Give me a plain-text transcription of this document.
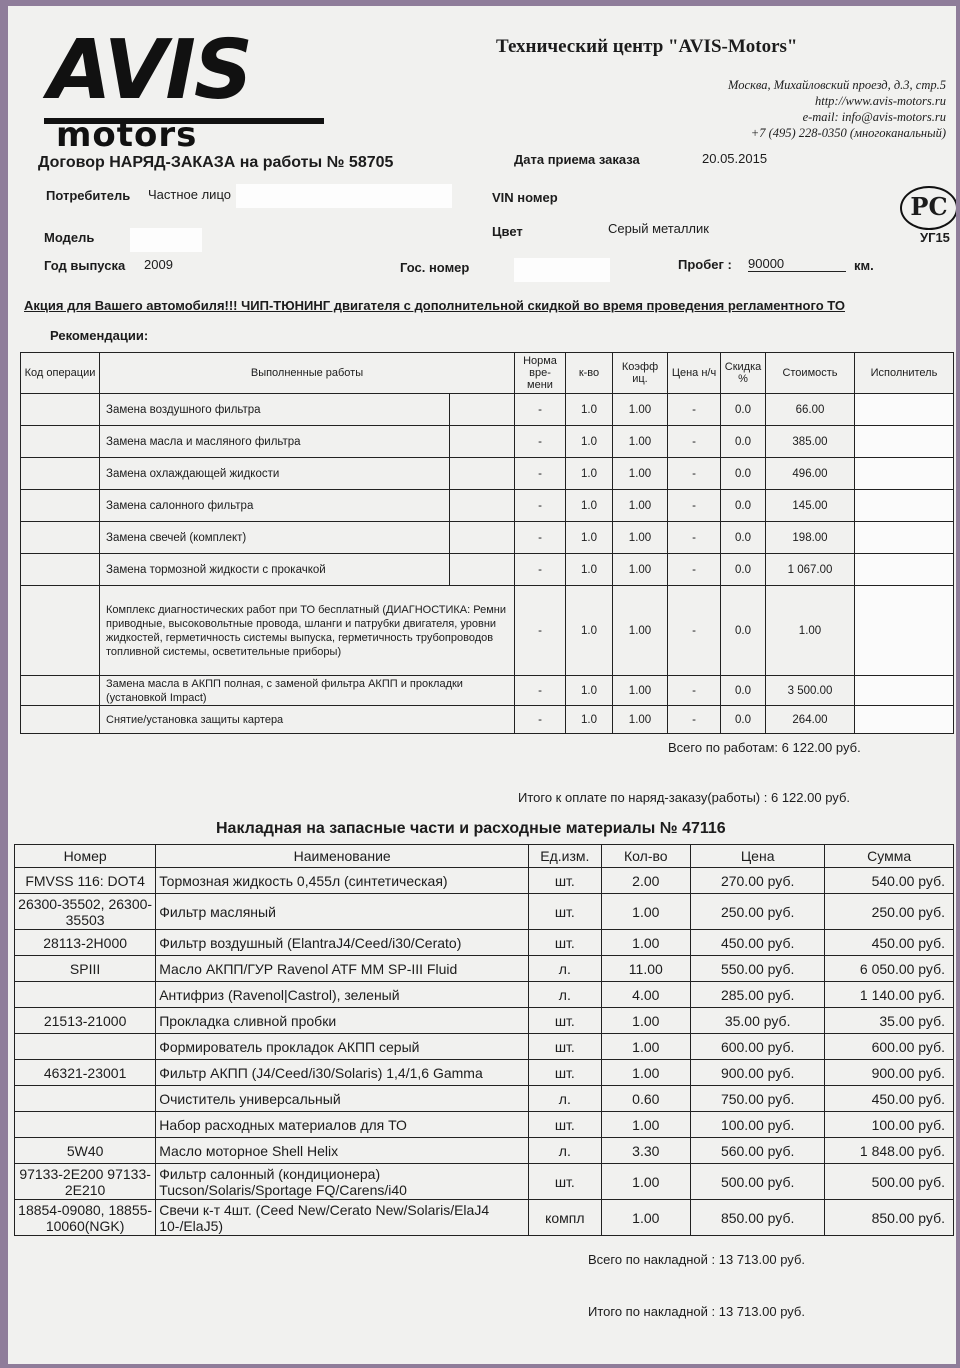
AVIS
motors
Технический центр "AVIS-Motors"
Москва, Михайловский проезд, д.3, стр.5
http://www.avis-motors.ru
e-mail: info@avis-motors.ru
+7 (495) 228-0350 (многоканальный)
РС
УГ15
Договор НАРЯД-ЗАКАЗА на работы № 58705	Дата приема заказа	20.05.2015
Потребитель Частное лицо	VIN номер
Модель	Цвет	Серый металлик
Год выпуска 2009	Гос. номер	Пробег : 90000	км.
Акция для Вашего автомобиля!!! ЧИП-ТЮНИНГ двигателя с дополнительной скидкой во время проведения регламентного ТО
Рекомендации:
Код операции	Выполненные работы		Норма вре-мени	к-во	Коэфф иц.	Цена н/ч	Скидка %	Стоимость	Исполнитель
	Замена воздушного фильтра		-	1.0	1.00	-	0.0	66.00	
	Замена масла и масляного фильтра		-	1.0	1.00	-	0.0	385.00	
	Замена охлаждающей жидкости		-	1.0	1.00	-	0.0	496.00	
	Замена салонного фильтра		-	1.0	1.00	-	0.0	145.00	
	Замена свечей (комплект)		-	1.0	1.00	-	0.0	198.00	
	Замена тормозной жидкости с прокачкой		-	1.0	1.00	-	0.0	1 067.00	
	Комплекс диагностических работ при ТО бесплатный (ДИАГНОСТИКА: Ремни приводные, высоковольтные провода, шланги и патрубки двигателя, уровни жидкостей, герметичность системы выпуска, герметичность трубопроводов топливной системы, осветительные приборы)		-	1.0	1.00	-	0.0	1.00	
	Замена масла в АКПП полная, с заменой фильтра АКПП и прокладки (установкой Impact)		-	1.0	1.00	-	0.0	3 500.00	
	Снятие/установка защиты картера		-	1.0	1.00	-	0.0	264.00	
Всего по работам: 6 122.00 руб.
Итого к оплате по наряд-заказу(работы) : 6 122.00 руб.
Накладная на запасные части и расходные материалы № 47116
Номер	Наименование	Ед.изм.	Кол-во	Цена	Сумма
FMVSS 116: DOT4	Тормозная жидкость 0,455л (синтетическая)	шт.	2.00	270.00 руб.	540.00 руб.
26300-35502, 26300-35503	Фильтр масляный	шт.	1.00	250.00 руб.	250.00 руб.
28113-2H000	Фильтр воздушный (ElantraJ4/Ceed/i30/Cerato)	шт.	1.00	450.00 руб.	450.00 руб.
SPIII	Масло АКПП/ГУР Ravenol ATF MM SP-III Fluid	л.	11.00	550.00 руб.	6 050.00 руб.
	Антифриз (Ravenol|Castrol), зеленый	л.	4.00	285.00 руб.	1 140.00 руб.
21513-21000	Прокладка сливной пробки	шт.	1.00	35.00 руб.	35.00 руб.
	Формирователь прокладок АКПП серый	шт.	1.00	600.00 руб.	600.00 руб.
46321-23001	Фильтр АКПП (J4/Ceed/i30/Solaris) 1,4/1,6 Gamma	шт.	1.00	900.00 руб.	900.00 руб.
	Очиститель универсальный	л.	0.60	750.00 руб.	450.00 руб.
	Набор расходных материалов для ТО	шт.	1.00	100.00 руб.	100.00 руб.
5W40	Масло моторное Shell Helix	л.	3.30	560.00 руб.	1 848.00 руб.
97133-2E200 97133-2E210	Фильтр салонный (кондиционера) Tucson/Solaris/Sportage FQ/Carens/i40	шт.	1.00	500.00 руб.	500.00 руб.
18854-09080, 18855-10060(NGK)	Свечи к-т 4шт. (Ceed New/Cerato New/Solaris/ElaJ4 10-/ElaJ5)	компл	1.00	850.00 руб.	850.00 руб.
Всего по накладной : 13 713.00 руб.
Итого по накладной : 13 713.00 руб.
